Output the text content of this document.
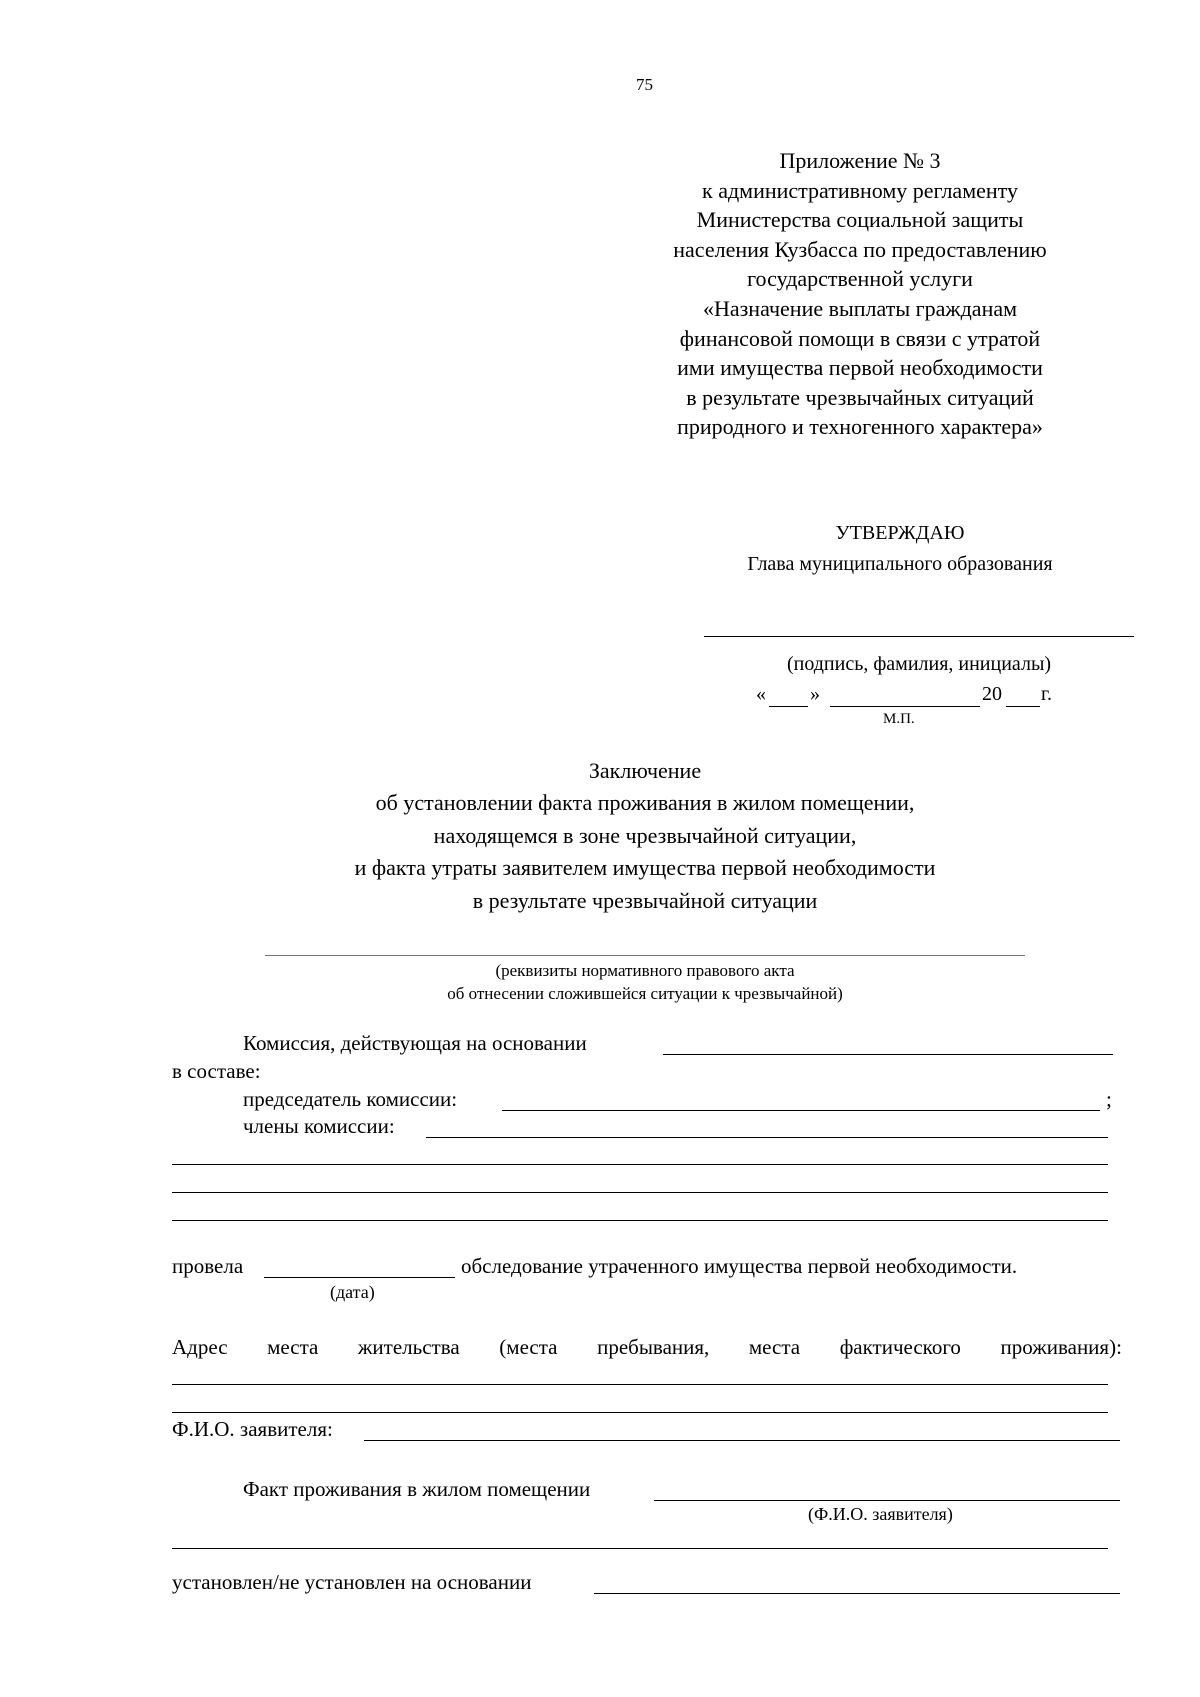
75
Приложение № 3
к административному регламенту
Министерства социальной защиты
населения Кузбасса по предоставлению
государственной услуги
«Назначение выплаты гражданам
финансовой помощи в связи с утратой
ими имущества первой необходимости
в результате чрезвычайных ситуаций
природного и техногенного характера»
УТВЕРЖДАЮ
Глава муниципального образования
(подпись, фамилия, инициалы)
« »	20 г.
М.П.
Заключение
об установлении факта проживания в жилом помещении,
находящемся в зоне чрезвычайной ситуации,
и факта утраты заявителем имущества первой необходимости
в результате чрезвычайной ситуации
(реквизиты нормативного правового акта
об отнесении сложившейся ситуации к чрезвычайной)
Комиссия, действующая на основании
в составе:
председатель комиссии:	;
члены комиссии:
провела	обследование утраченного имущества первой необходимости.
(дата)
Адрес места жительства (места пребывания, места фактического проживания):
Ф.И.О. заявителя:
Факт проживания в жилом помещении
(Ф.И.О. заявителя)
установлен/не установлен на основании
